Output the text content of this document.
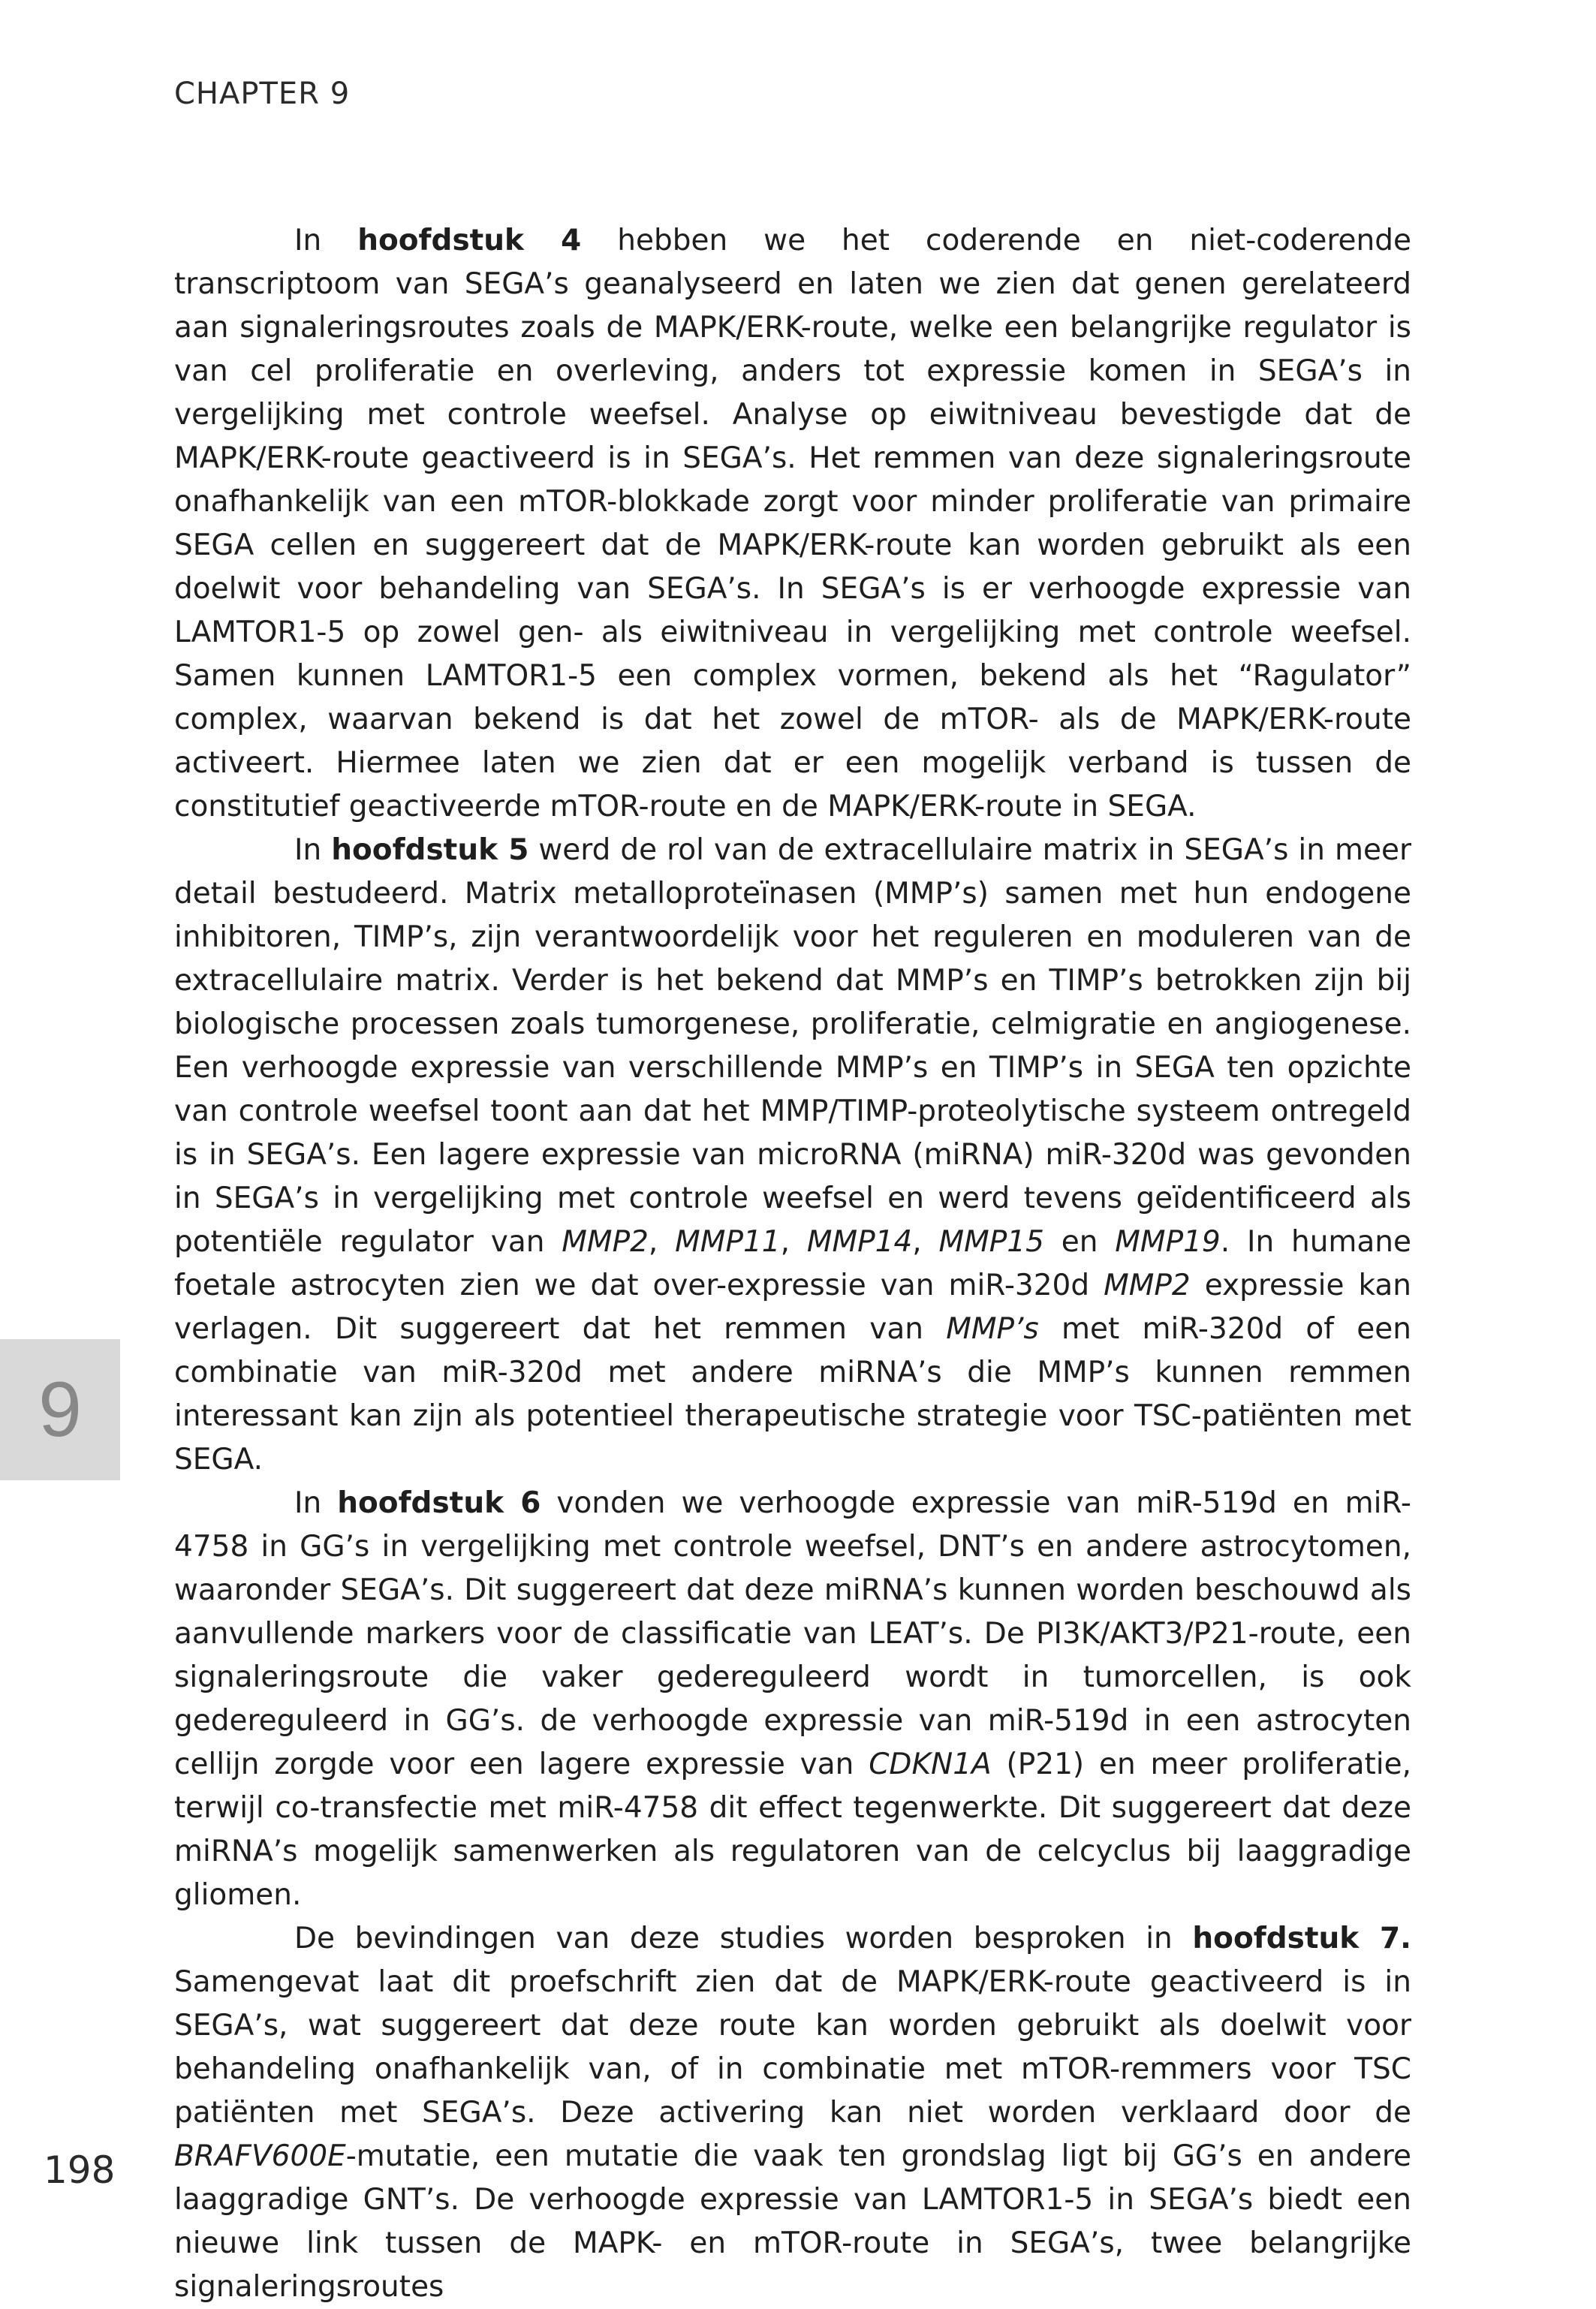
CHAPTER 9

In hoofdstuk 4 hebben we het coderende en niet-coderende transcriptoom van SEGA’s geanalyseerd en laten we zien dat genen gerelateerd aan signaleringsroutes zoals de MAPK/ERK-route, welke een belangrijke regulator is van cel proliferatie en overleving, anders tot expressie komen in SEGA’s in vergelijking met controle weefsel. Analyse op eiwitniveau bevestigde dat de MAPK/ERK-route geactiveerd is in SEGA’s. Het remmen van deze signaleringsroute onafhankelijk van een mTOR-blokkade zorgt voor minder proliferatie van primaire SEGA cellen en suggereert dat de MAPK/ERK-route kan worden gebruikt als een doelwit voor behandeling van SEGA’s. In SEGA’s is er verhoogde expressie van LAMTOR1-5 op zowel gen- als eiwitniveau in vergelijking met controle weefsel. Samen kunnen LAMTOR1-5 een complex vormen, bekend als het “Ragulator” complex, waarvan bekend is dat het zowel de mTOR- als de MAPK/ERK-route activeert. Hiermee laten we zien dat er een mogelijk verband is tussen de constitutief geactiveerde mTOR-route en de MAPK/ERK-route in SEGA.

In hoofdstuk 5 werd de rol van de extracellulaire matrix in SEGA’s in meer detail bestudeerd. Matrix metalloproteïnasen (MMP’s) samen met hun endogene inhibitoren, TIMP’s, zijn verantwoordelijk voor het reguleren en moduleren van de extracellulaire matrix. Verder is het bekend dat MMP’s en TIMP’s betrokken zijn bij biologische processen zoals tumorgenese, proliferatie, celmigratie en angiogenese. Een verhoogde expressie van verschillende MMP’s en TIMP’s in SEGA ten opzichte van controle weefsel toont aan dat het MMP/TIMP-proteolytische systeem ontregeld is in SEGA’s. Een lagere expressie van microRNA (miRNA) miR-320d was gevonden in SEGA’s in vergelijking met controle weefsel en werd tevens geïdentificeerd als potentiële regulator van MMP2, MMP11, MMP14, MMP15 en MMP19. In humane foetale astrocyten zien we dat over-expressie van miR-320d MMP2 expressie kan verlagen. Dit suggereert dat het remmen van MMP’s met miR-320d of een combinatie van miR-320d met andere miRNA’s die MMP’s kunnen remmen interessant kan zijn als potentieel therapeutische strategie voor TSC-patiënten met SEGA.

In hoofdstuk 6 vonden we verhoogde expressie van miR-519d en miR-4758 in GG’s in vergelijking met controle weefsel, DNT’s en andere astrocytomen, waaronder SEGA’s. Dit suggereert dat deze miRNA’s kunnen worden beschouwd als aanvullende markers voor de classificatie van LEAT’s. De PI3K/AKT3/P21-route, een signaleringsroute die vaker gedereguleerd wordt in tumorcellen, is ook gedereguleerd in GG’s. de verhoogde expressie van miR-519d in een astrocyten cellijn zorgde voor een lagere expressie van CDKN1A (P21) en meer proliferatie, terwijl co-transfectie met miR-4758 dit effect tegenwerkte. Dit suggereert dat deze miRNA’s mogelijk samenwerken als regulatoren van de celcyclus bij laaggradige gliomen.

De bevindingen van deze studies worden besproken in hoofdstuk 7. Samengevat laat dit proefschrift zien dat de MAPK/ERK-route geactiveerd is in SEGA’s, wat suggereert dat deze route kan worden gebruikt als doelwit voor behandeling onafhankelijk van, of in combinatie met mTOR-remmers voor TSC patiënten met SEGA’s. Deze activering kan niet worden verklaard door de BRAFV600E-mutatie, een mutatie die vaak ten grondslag ligt bij GG’s en andere laaggradige GNT’s. De verhoogde expressie van LAMTOR1-5 in SEGA’s biedt een nieuwe link tussen de MAPK- en mTOR-route in SEGA’s, twee belangrijke signaleringsroutes

9
198
